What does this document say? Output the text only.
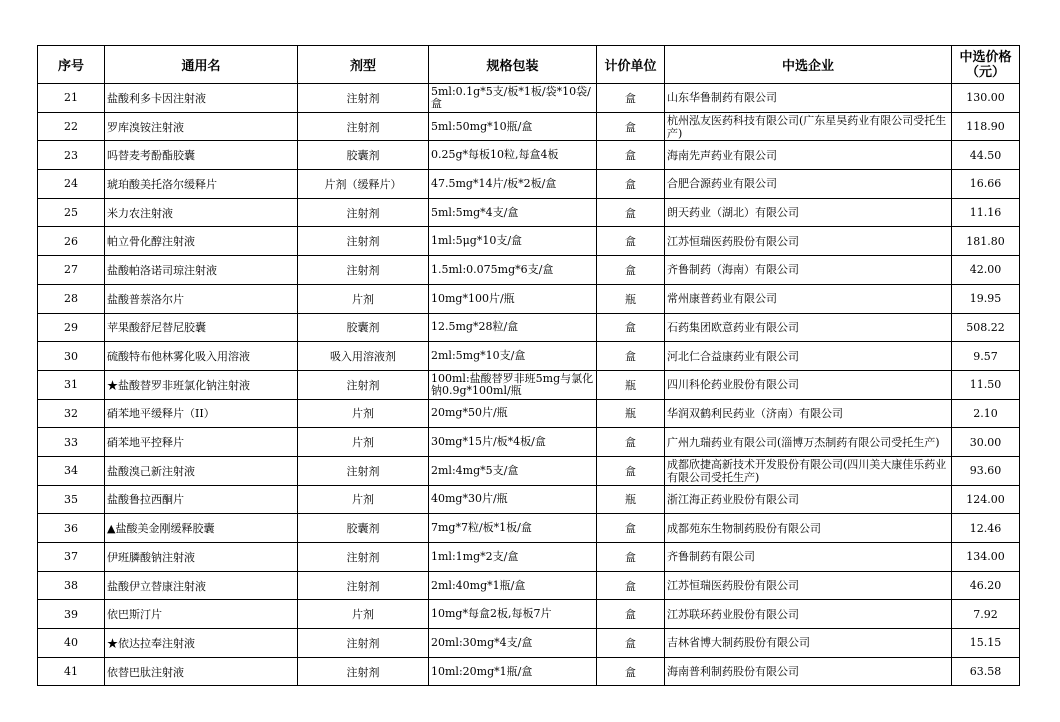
序号	通用名	剂型	规格包装	计价单位	中选企业	中选价格
（元）

21	盐酸利多卡因注射液	注射剂	5ml:0.1g*5支/板*1板/袋*10袋/盒	盒	山东华鲁制药有限公司	130.00
22	罗库溴铵注射液	注射剂	5ml:50mg*10瓶/盒	盒	杭州泓友医药科技有限公司(广东星昊药业有限公司受托生产)	118.90
23	吗替麦考酚酯胶囊	胶囊剂	0.25g*每板10粒,每盒4板	盒	海南先声药业有限公司	44.50
24	琥珀酸美托洛尔缓释片	片剂（缓释片）	47.5mg*14片/板*2板/盒	盒	合肥合源药业有限公司	16.66
25	米力农注射液	注射剂	5ml:5mg*4支/盒	盒	朗天药业（湖北）有限公司	11.16
26	帕立骨化醇注射液	注射剂	1ml:5μg*10支/盒	盒	江苏恒瑞医药股份有限公司	181.80
27	盐酸帕洛诺司琼注射液	注射剂	1.5ml:0.075mg*6支/盒	盒	齐鲁制药（海南）有限公司	42.00
28	盐酸普萘洛尔片	片剂	10mg*100片/瓶	瓶	常州康普药业有限公司	19.95
29	苹果酸舒尼替尼胶囊	胶囊剂	12.5mg*28粒/盒	盒	石药集团欧意药业有限公司	508.22
30	硫酸特布他林雾化吸入用溶液	吸入用溶液剂	2ml:5mg*10支/盒	盒	河北仁合益康药业有限公司	9.57
31	★盐酸替罗非班氯化钠注射液	注射剂	100ml:盐酸替罗非班5mg与氯化钠0.9g*100ml/瓶	瓶	四川科伦药业股份有限公司	11.50
32	硝苯地平缓释片（II）	片剂	20mg*50片/瓶	瓶	华润双鹤利民药业（济南）有限公司	2.10
33	硝苯地平控释片	片剂	30mg*15片/板*4板/盒	盒	广州九瑞药业有限公司(淄博万杰制药有限公司受托生产)	30.00
34	盐酸溴己新注射液	注射剂	2ml:4mg*5支/盒	盒	成都欣捷高新技术开发股份有限公司(四川美大康佳乐药业有限公司受托生产)	93.60
35	盐酸鲁拉西酮片	片剂	40mg*30片/瓶	瓶	浙江海正药业股份有限公司	124.00
36	▲盐酸美金刚缓释胶囊	胶囊剂	7mg*7粒/板*1板/盒	盒	成都苑东生物制药股份有限公司	12.46
37	伊班膦酸钠注射液	注射剂	1ml:1mg*2支/盒	盒	齐鲁制药有限公司	134.00
38	盐酸伊立替康注射液	注射剂	2ml:40mg*1瓶/盒	盒	江苏恒瑞医药股份有限公司	46.20
39	依巴斯汀片	片剂	10mg*每盒2板,每板7片	盒	江苏联环药业股份有限公司	7.92
40	★依达拉奉注射液	注射剂	20ml:30mg*4支/盒	盒	吉林省博大制药股份有限公司	15.15
41	依替巴肽注射液	注射剂	10ml:20mg*1瓶/盒	盒	海南普利制药股份有限公司	63.58
